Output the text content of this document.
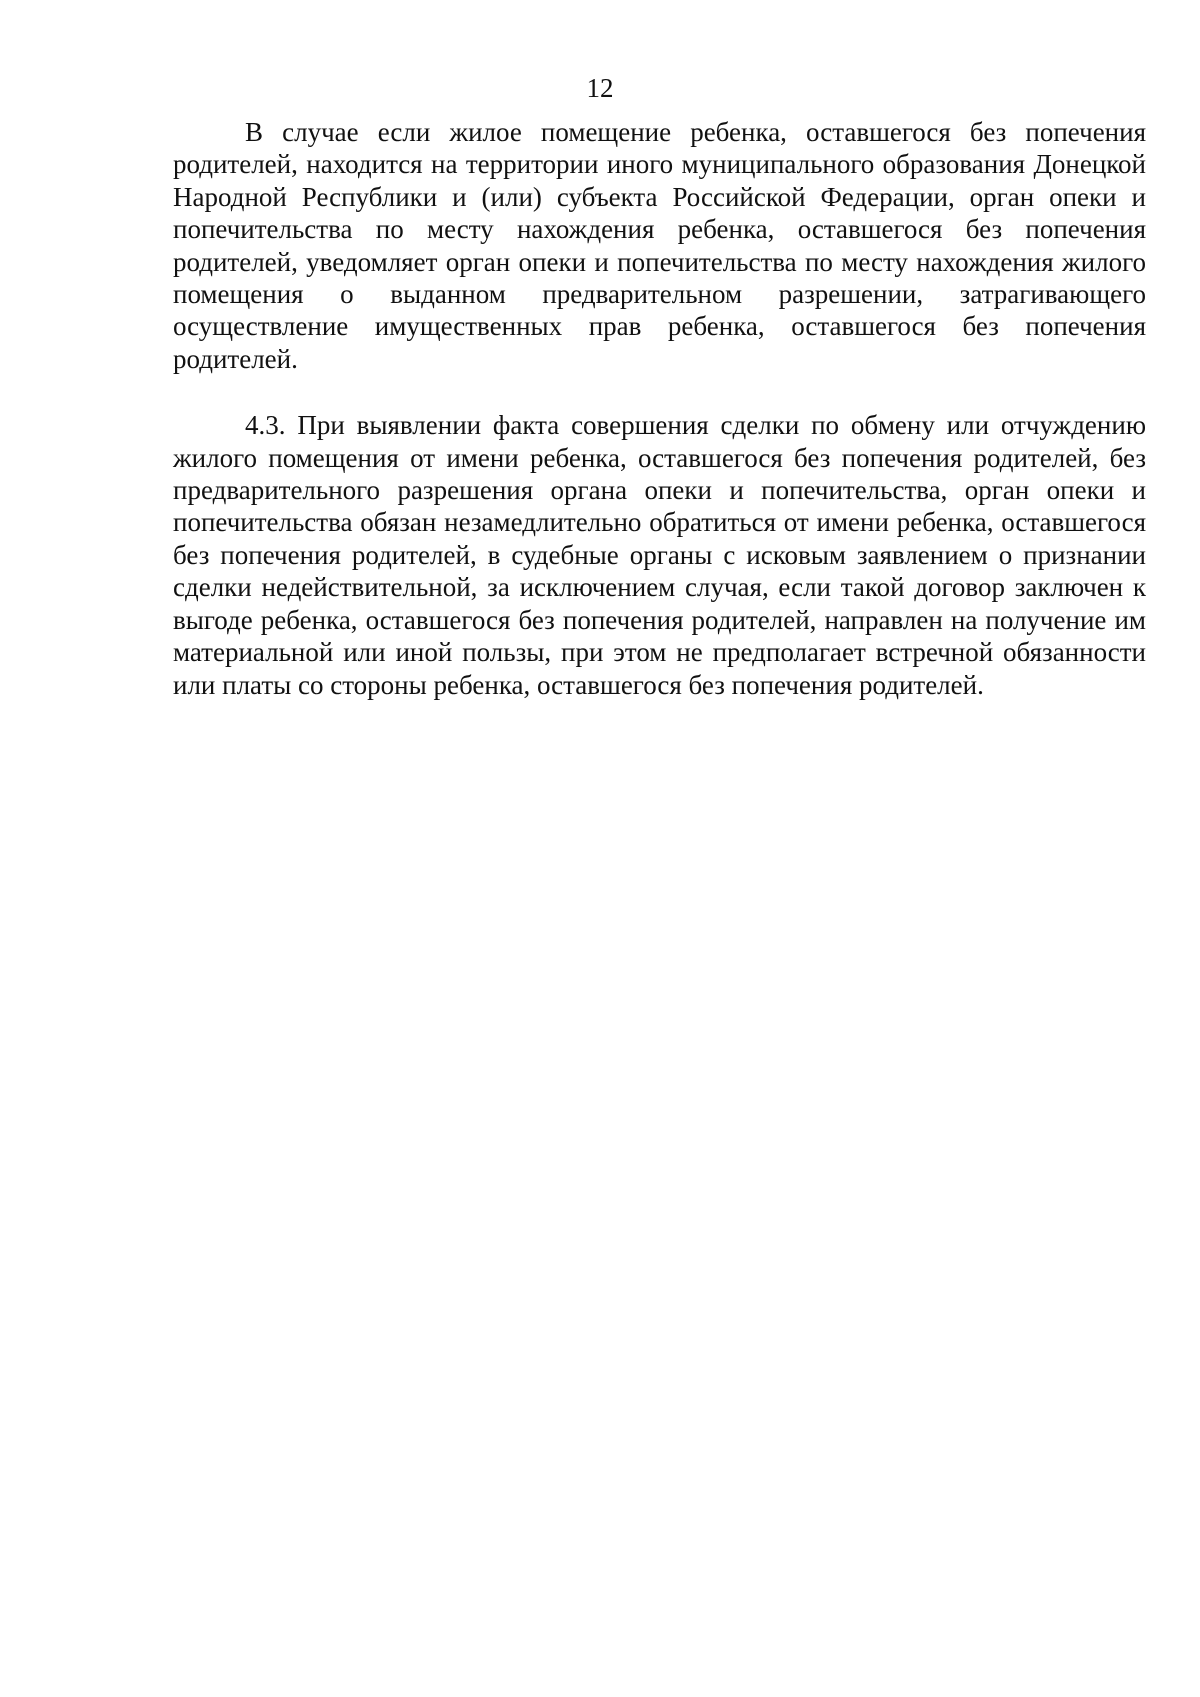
12

В случае если жилое помещение ребенка, оставшегося без попечения родителей, находится на территории иного муниципального образования Донецкой Народной Республики и (или) субъекта Российской Федерации, орган опеки и попечительства по месту нахождения ребенка, оставшегося без попечения родителей, уведомляет орган опеки и попечительства по месту нахождения жилого помещения о выданном предварительном разрешении, затрагивающего осуществление имущественных прав ребенка, оставшегося без попечения родителей.

4.3. При выявлении факта совершения сделки по обмену или отчуждению жилого помещения от имени ребенка, оставшегося без попечения родителей, без предварительного разрешения органа опеки и попечительства, орган опеки и попечительства обязан незамедлительно обратиться от имени ребенка, оставшегося без попечения родителей, в судебные органы с исковым заявлением о признании сделки недействительной, за исключением случая, если такой договор заключен к выгоде ребенка, оставшегося без попечения родителей, направлен на получение им материальной или иной пользы, при этом не предполагает встречной обязанности или платы со стороны ребенка, оставшегося без попечения родителей.
